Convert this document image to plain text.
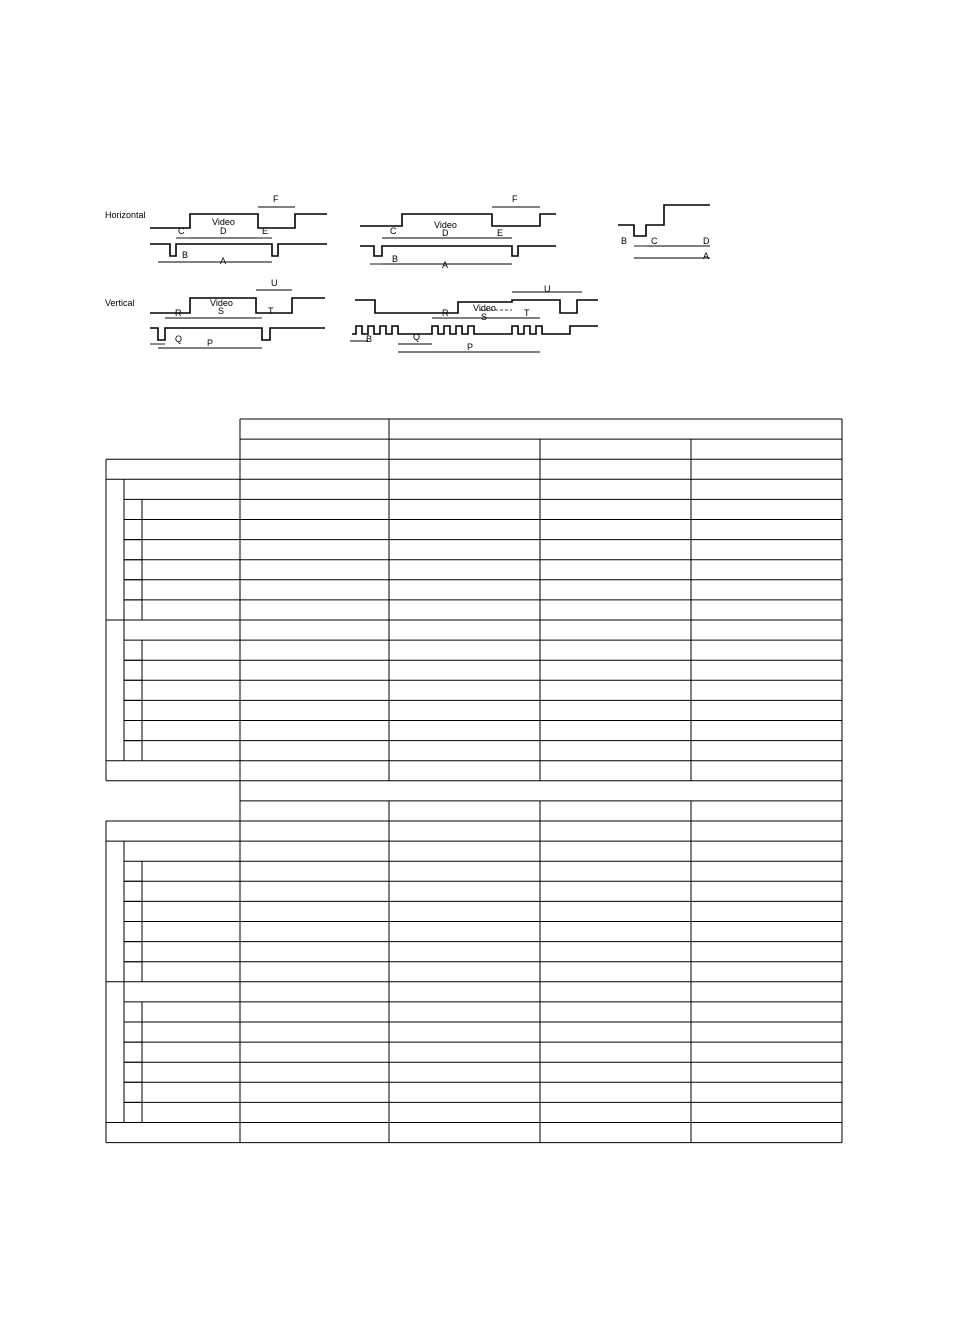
Horizontal
Vertical
Video	Video
Video	Video
F
C	D	E
B
A
F
C	D	E
B
A
B	C	D
A
U
R	S	T
Q	P
U
R	S	T
B	Q
P
